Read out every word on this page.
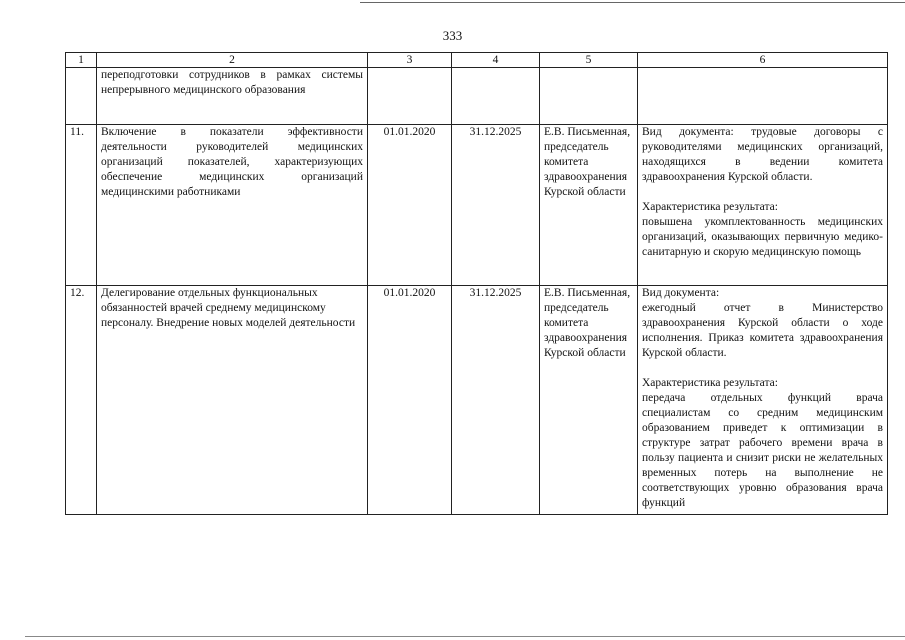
333
1	2	3	4	5	6
	переподготовки сотрудников в рамках системы непрерывного медицинского образования				
11.	Включение в показатели эффективности деятельности руководителей медицинских организаций показателей, характеризующих обеспечение медицинских организаций медицинскими работниками	01.01.2020	31.12.2025	Е.В. Письменная, председатель комитета здравоохранения Курской области	Вид документа: трудовые договоры с руководителями медицинских организаций, находящихся в ведении комитета здравоохранения Курской области.
Характеристика результата:
повышена укомплектованность медицинских организаций, оказывающих первичную медико-санитарную и скорую медицинскую помощь

12.	Делегирование отдельных функциональных обязанностей врачей среднему медицинскому персоналу. Внедрение новых моделей деятельности	01.01.2020	31.12.2025	Е.В. Письменная, председатель комитета здравоохранения Курской области	Вид документа:
ежегодный отчет в Министерство здравоохранения Курской области о ходе исполнения. Приказ комитета здравоохранения Курской области.
Характеристика результата:
передача отдельных функций врача специалистам со средним медицинским образованием приведет к оптимизации в структуре затрат рабочего времени врача в пользу пациента и снизит риски не желательных временных потерь на выполнение не соответствующих уровню образования врача функций
